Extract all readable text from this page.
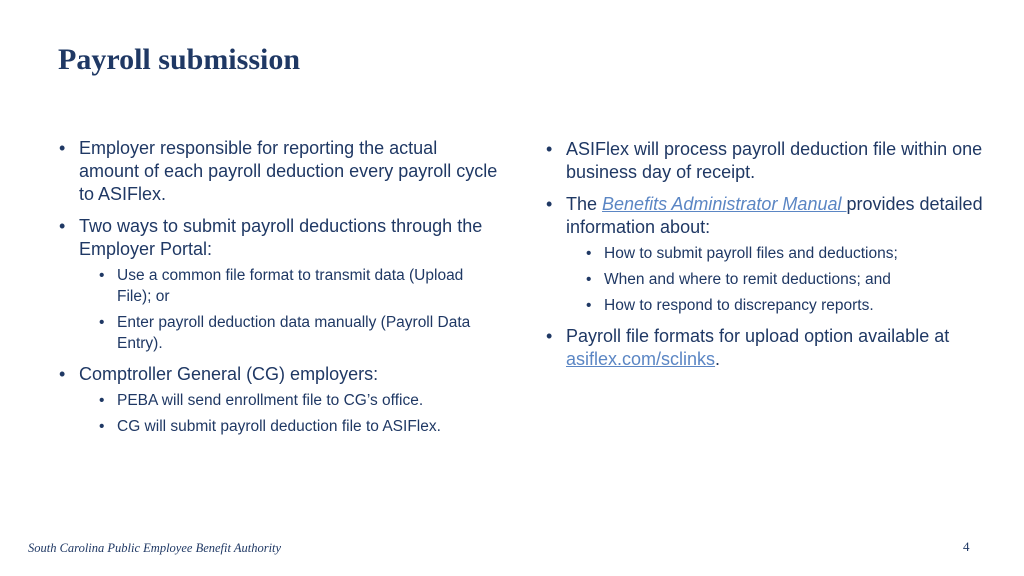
Payroll submission
• Employer responsible for reporting the actual amount of each payroll deduction every payroll cycle to ASIFlex.
• Two ways to submit payroll deductions through the Employer Portal:
• Use a common file format to transmit data (Upload File); or
• Enter payroll deduction data manually (Payroll Data Entry).
• Comptroller General (CG) employers:
• PEBA will send enrollment file to CG’s office.
• CG will submit payroll deduction file to ASIFlex.
• ASIFlex will process payroll deduction file within one business day of receipt.
• The Benefits Administrator Manual provides detailed information about:
• How to submit payroll files and deductions;
• When and where to remit deductions; and
• How to respond to discrepancy reports.
• Payroll file formats for upload option available at asiflex.com/sclinks.
South Carolina Public Employee Benefit Authority	4
